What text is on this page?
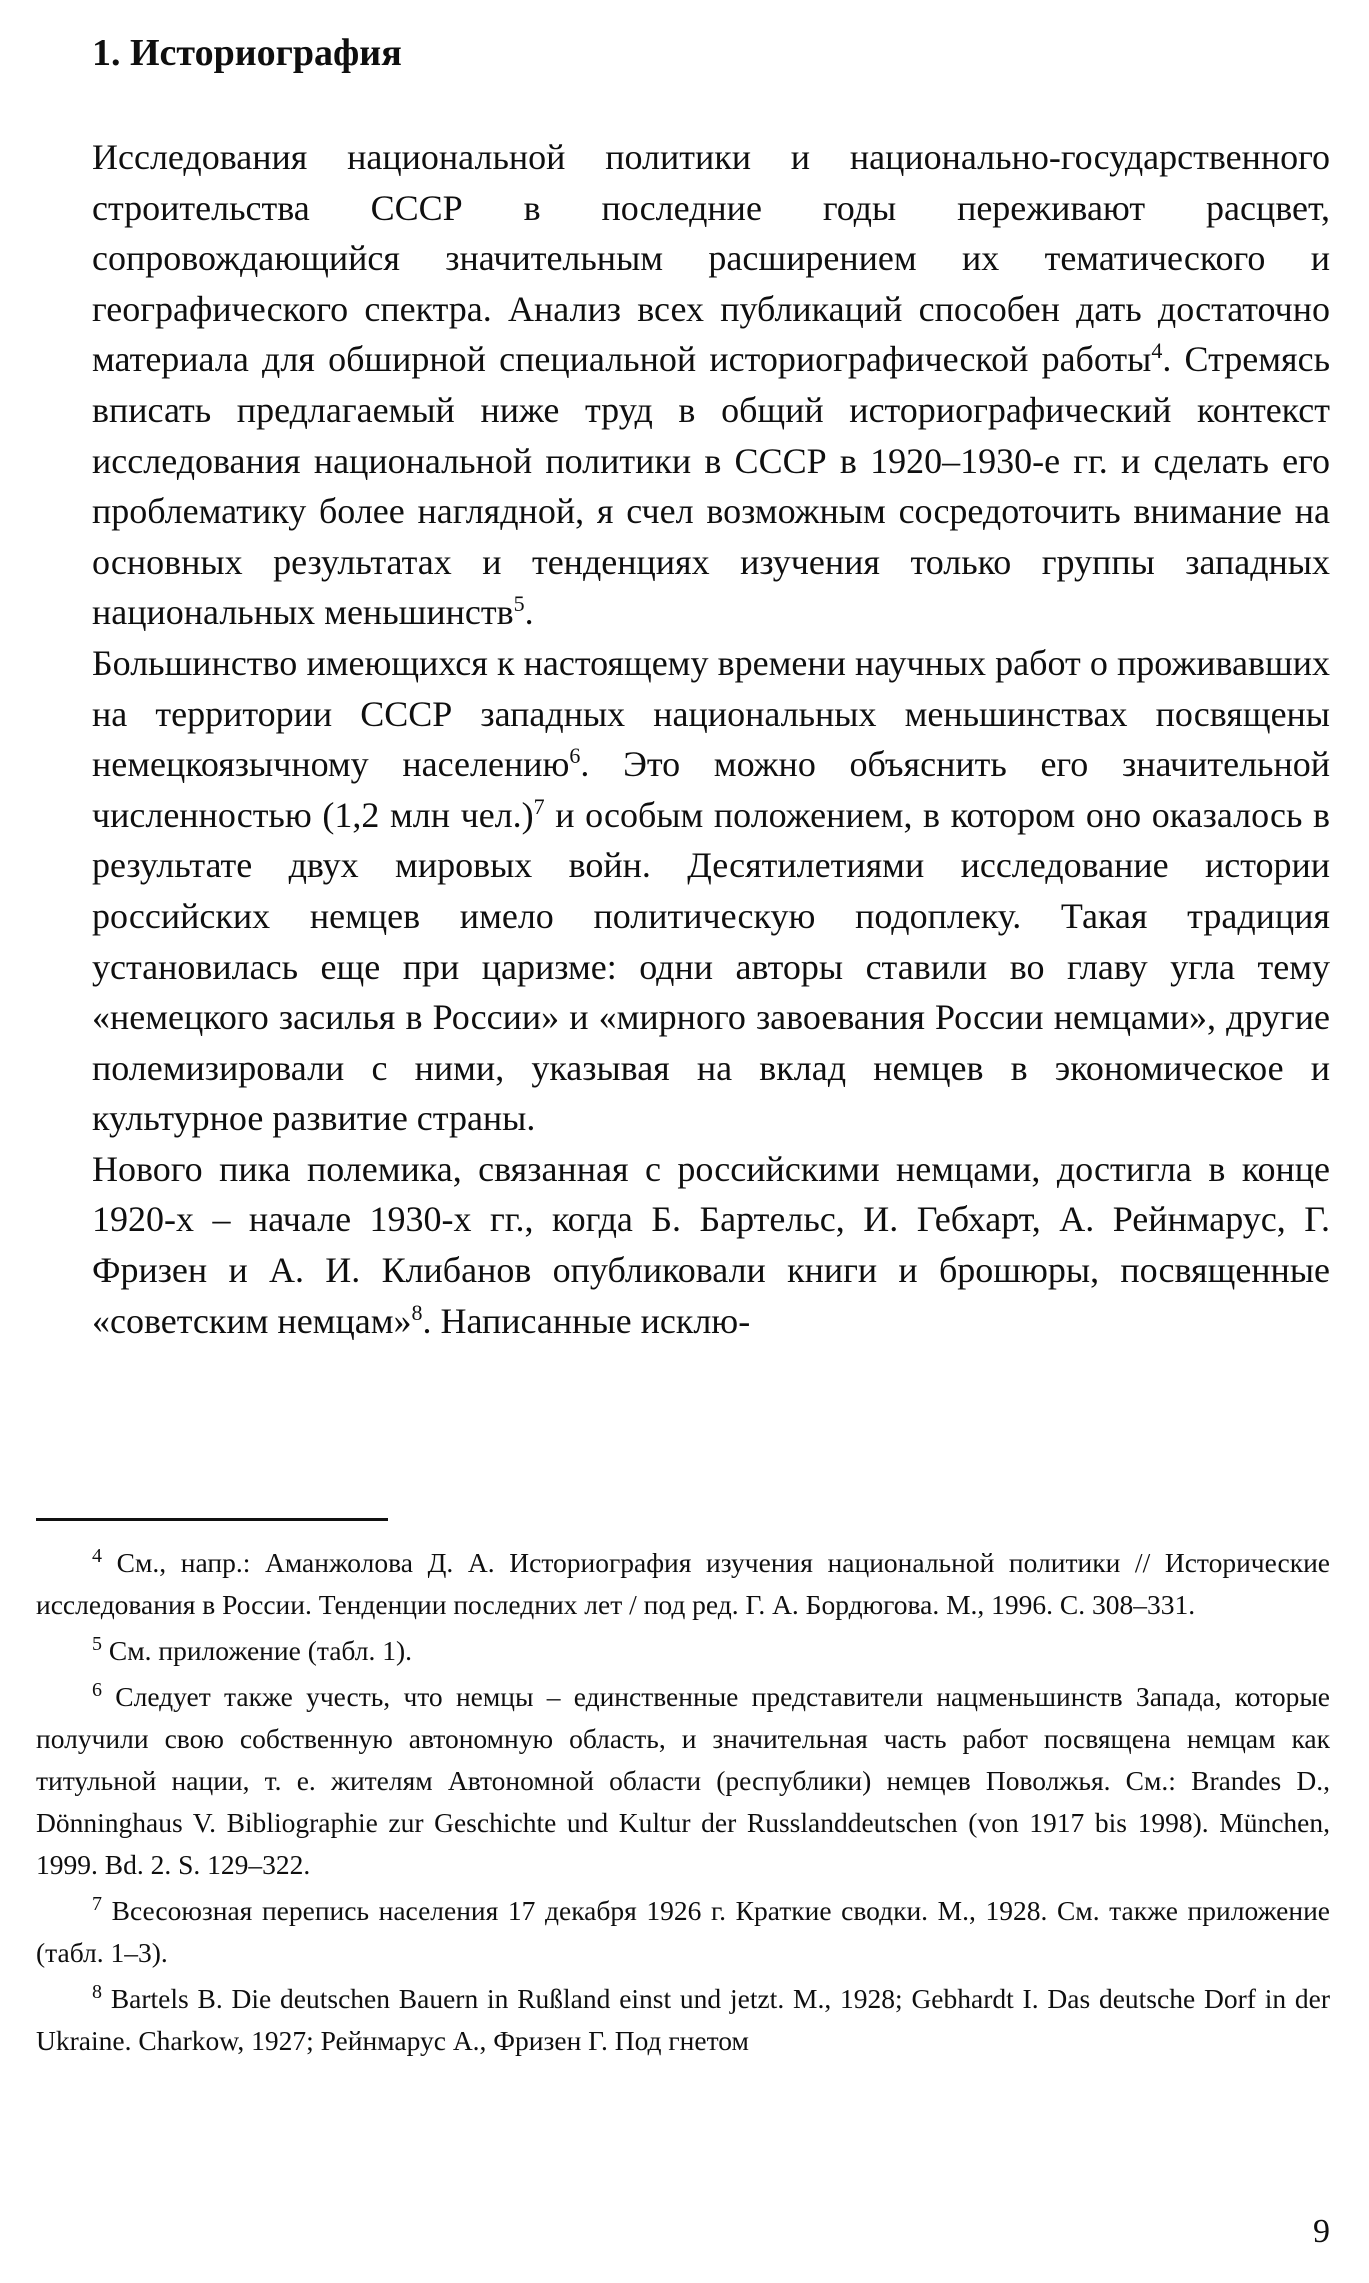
1. Историография

Исследования национальной политики и национально-государственного строительства СССР в последние годы переживают расцвет, сопровождающийся значительным расширением их тематического и географического спектра. Анализ всех публикаций способен дать достаточно материала для обширной специальной историографической работы$^4$. Стремясь вписать предлагаемый ниже труд в общий историографический контекст исследования национальной политики в СССР в 1920–1930-е гг. и сделать его проблематику более наглядной, я счел возможным сосредоточить внимание на основных результатах и тенденциях изучения только группы западных национальных меньшинств$^5$.

Большинство имеющихся к настоящему времени научных работ о проживавших на территории СССР западных национальных меньшинствах посвящены немецкоязычному населению$^6$. Это можно объяснить его значительной численностью (1,2 млн чел.)$^7$ и особым положением, в котором оно оказалось в результате двух мировых войн. Десятилетиями исследование истории российских немцев имело политическую подоплеку. Такая традиция установилась еще при царизме: одни авторы ставили во главу угла тему «немецкого засилья в России» и «мирного завоевания России немцами», другие полемизировали с ними, указывая на вклад немцев в экономическое и культурное развитие страны.

Нового пика полемика, связанная с российскими немцами, достигла в конце 1920-х – начале 1930-х гг., когда Б. Бартельс, И. Гебхарт, А. Рейнмарус, Г. Фризен и А. И. Клибанов опубликовали книги и брошюры, посвященные «советским немцам»$^8$. Написанные исклю-

$^4$ См., напр.: Аманжолова Д. А. Историография изучения национальной политики // Исторические исследования в России. Тенденции последних лет / под ред. Г. А. Бордюгова. М., 1996. С. 308–331.

$^5$ См. приложение (табл. 1).

$^6$ Следует также учесть, что немцы – единственные представители нацменьшинств Запада, которые получили свою собственную автономную область, и значительная часть работ посвящена немцам как титульной нации, т. е. жителям Автономной области (республики) немцев Поволжья. См.: Brandes D., Dönninghaus V. Bibliographie zur Geschichte und Kultur der Russlanddeutschen (von 1917 bis 1998). München, 1999. Bd. 2. S. 129–322.

$^7$ Всесоюзная перепись населения 17 декабря 1926 г. Краткие сводки. М., 1928. См. также приложение (табл. 1–3).

$^8$ Bartels B. Die deutschen Bauern in Rußland einst und jetzt. M., 1928; Gebhardt I. Das deutsche Dorf in der Ukraine. Charkow, 1927; Рейнмарус А., Фризен Г. Под гнетом

9
